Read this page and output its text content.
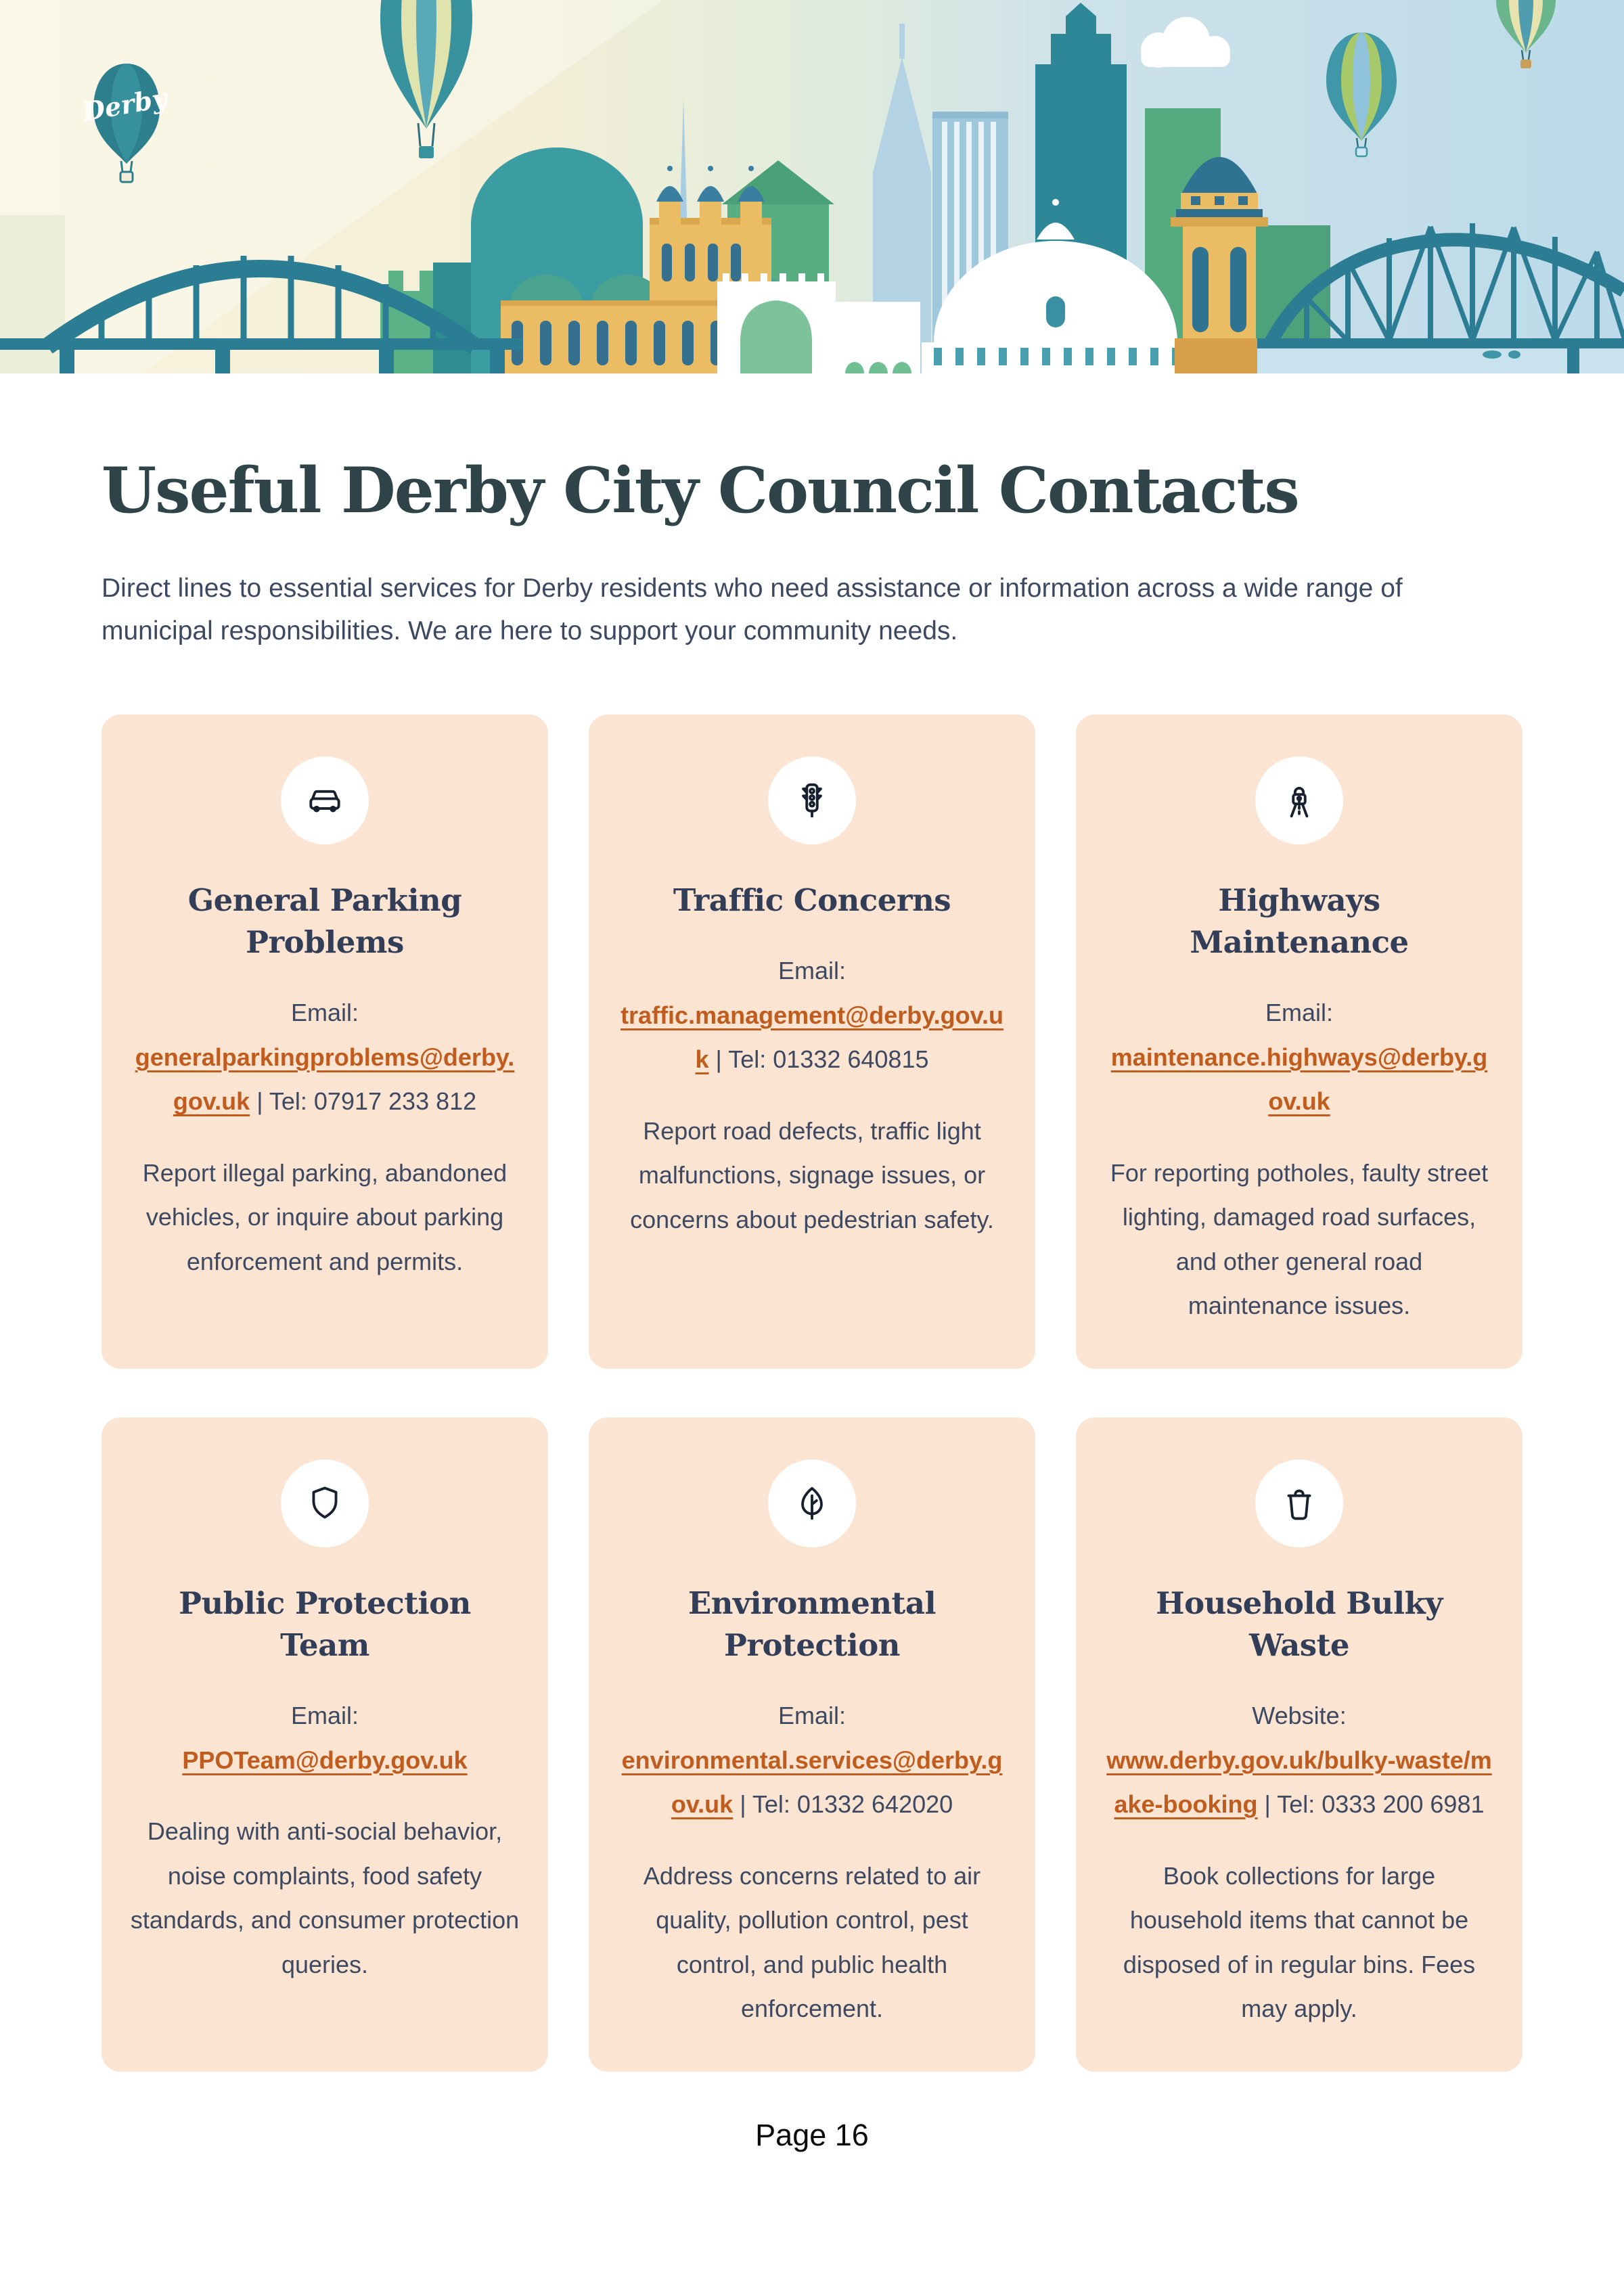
Derby
Useful Derby City Council Contacts

Direct lines to essential services for Derby residents who need assistance or information across a wide range of municipal responsibilities. We are here to support your community needs.

General Parking Problems

Email:
generalparkingproblems@derby.gov.uk | Tel: 07917 233 812

Report illegal parking, abandoned vehicles, or inquire about parking enforcement and permits.

Traffic Concerns

Email:
traffic.management@derby.gov.uk | Tel: 01332 640815

Report road defects, traffic light malfunctions, signage issues, or concerns about pedestrian safety.

Highways Maintenance

Email:
maintenance.highways@derby.gov.uk

For reporting potholes, faulty street lighting, damaged road surfaces, and other general road maintenance issues.

Public Protection Team

Email:
PPOTeam@derby.gov.uk

Dealing with anti-social behavior, noise complaints, food safety standards, and consumer protection queries.

Environmental Protection

Email:
environmental.services@derby.gov.uk | Tel: 01332 642020

Address concerns related to air quality, pollution control, pest control, and public health enforcement.

Household Bulky Waste

Website:
www.derby.gov.uk/bulky-waste/make-booking | Tel: 0333 200 6981

Book collections for large household items that cannot be disposed of in regular bins. Fees may apply.

Page 16
